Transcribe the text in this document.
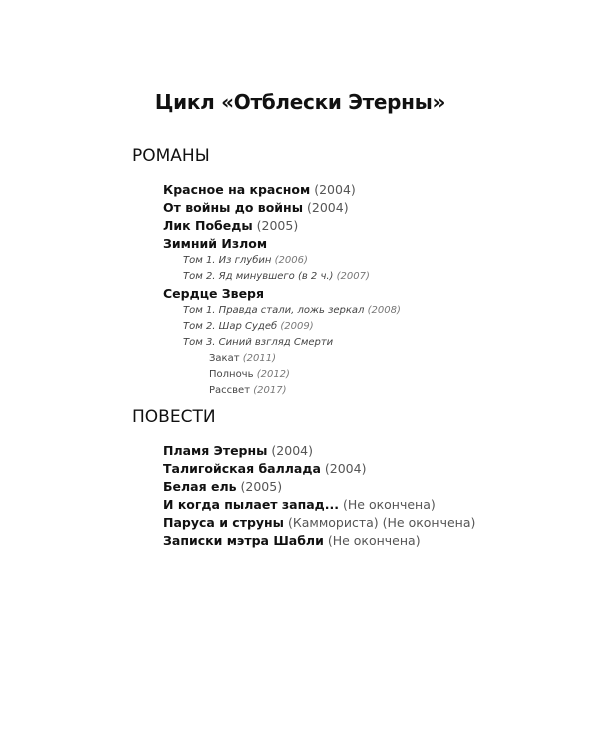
Цикл «Отблески Этерны»
РОМАНЫ
Красное на красном (2004)
От войны до войны (2004)
Лик Победы (2005)
Зимний Излом
Том 1. Из глубин (2006)
Том 2. Яд минувшего (в 2 ч.) (2007)
Сердце Зверя
Том 1. Правда стали, ложь зеркал (2008)
Том 2. Шар Судеб (2009)
Том 3. Синий взгляд Смерти
Закат (2011)
Полночь (2012)
Рассвет (2017)
ПОВЕСТИ
Пламя Этерны (2004)
Талигойская баллада (2004)
Белая ель (2005)
И когда пылает запад... (Не окончена)
Паруса и струны (Каммориста) (Не окончена)
Записки мэтра Шабли (Не окончена)
